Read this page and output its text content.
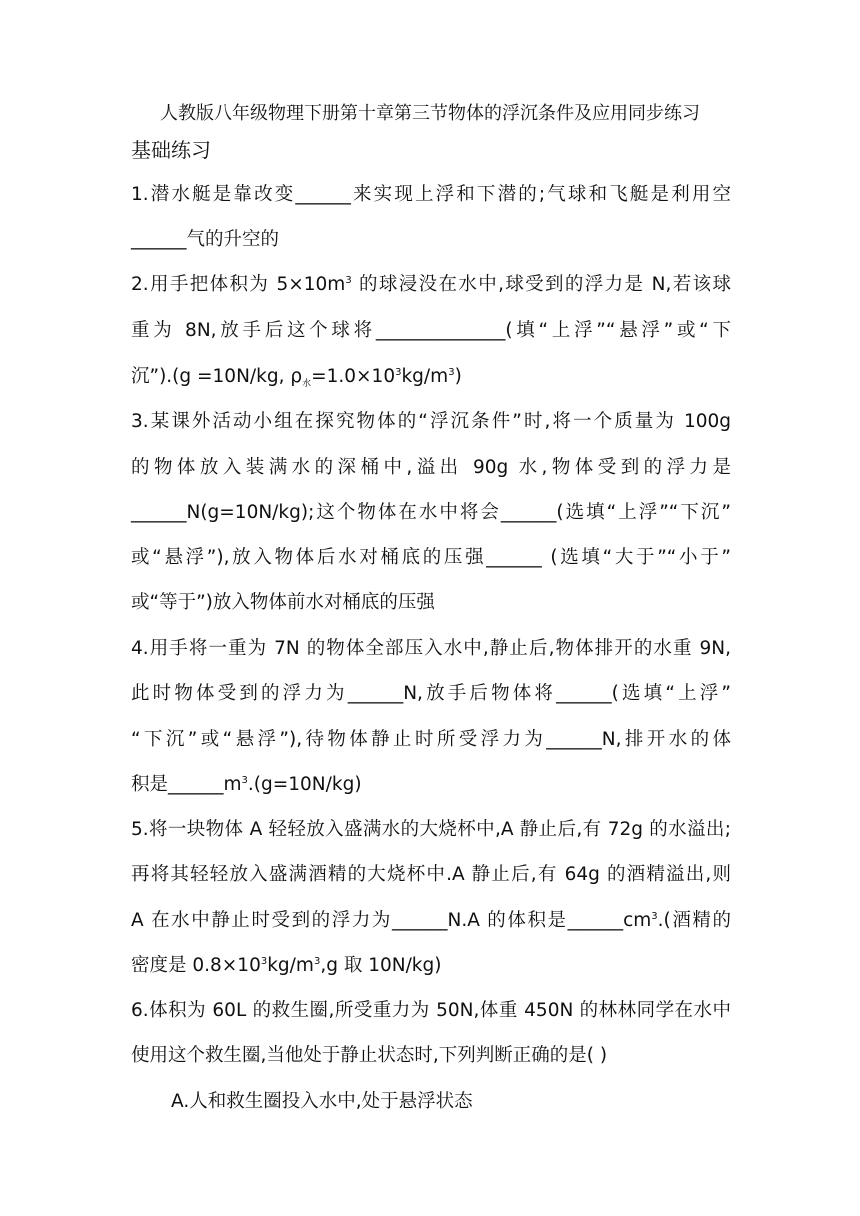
人教版八年级物理下册第十章第三节物体的浮沉条件及应用同步练习
基础练习
1.潜水艇是靠改变______来实现上浮和下潜的;气球和飞艇是利用空
______气的升空的
2.用手把体积为 $5\times 10m^3$ 的球浸没在水中,球受到的浮力是 N,若该球
重为 8N,放手后这个球将______________(填“上浮”“悬浮”或“下
沉”).(g =10N/kg, $\rho_水=1.0\times 10^3kg/m^3$)
3.某课外活动小组在探究物体的“浮沉条件”时,将一个质量为 100g
的物体放入装满水的深桶中,溢出 90g 水,物体受到的浮力是
______N(g=10N/kg);这个物体在水中将会______(选填“上浮”“下沉”
或“悬浮”),放入物体后水对桶底的压强______ (选填“大于”“小于”
或“等于”)放入物体前水对桶底的压强
4.用手将一重为 7N 的物体全部压入水中,静止后,物体排开的水重 9N,
此时物体受到的浮力为______N,放手后物体将______(选填“上浮”
“下沉”或“悬浮”),待物体静止时所受浮力为______N,排开水的体
积是$\_\_\_\_\_\_m^3.(g=10N/kg)$
5.将一块物体 A 轻轻放入盛满水的大烧杯中,A 静止后,有 72g 的水溢出;
再将其轻轻放入盛满酒精的大烧杯中.A 静止后,有 64g 的酒精溢出,则
A 在水中静止时受到的浮力为______N.A 的体积是$\_\_\_\_\_\_cm^3$.(酒精的
密度是 $0.8\times 10^3kg/m^3,g$ 取 10N/kg)
6.体积为 60L 的救生圈,所受重力为 50N,体重 450N 的林林同学在水中
使用这个救生圈,当他处于静止状态时,下列判断正确的是( )
A.人和救生圈投入水中,处于悬浮状态
